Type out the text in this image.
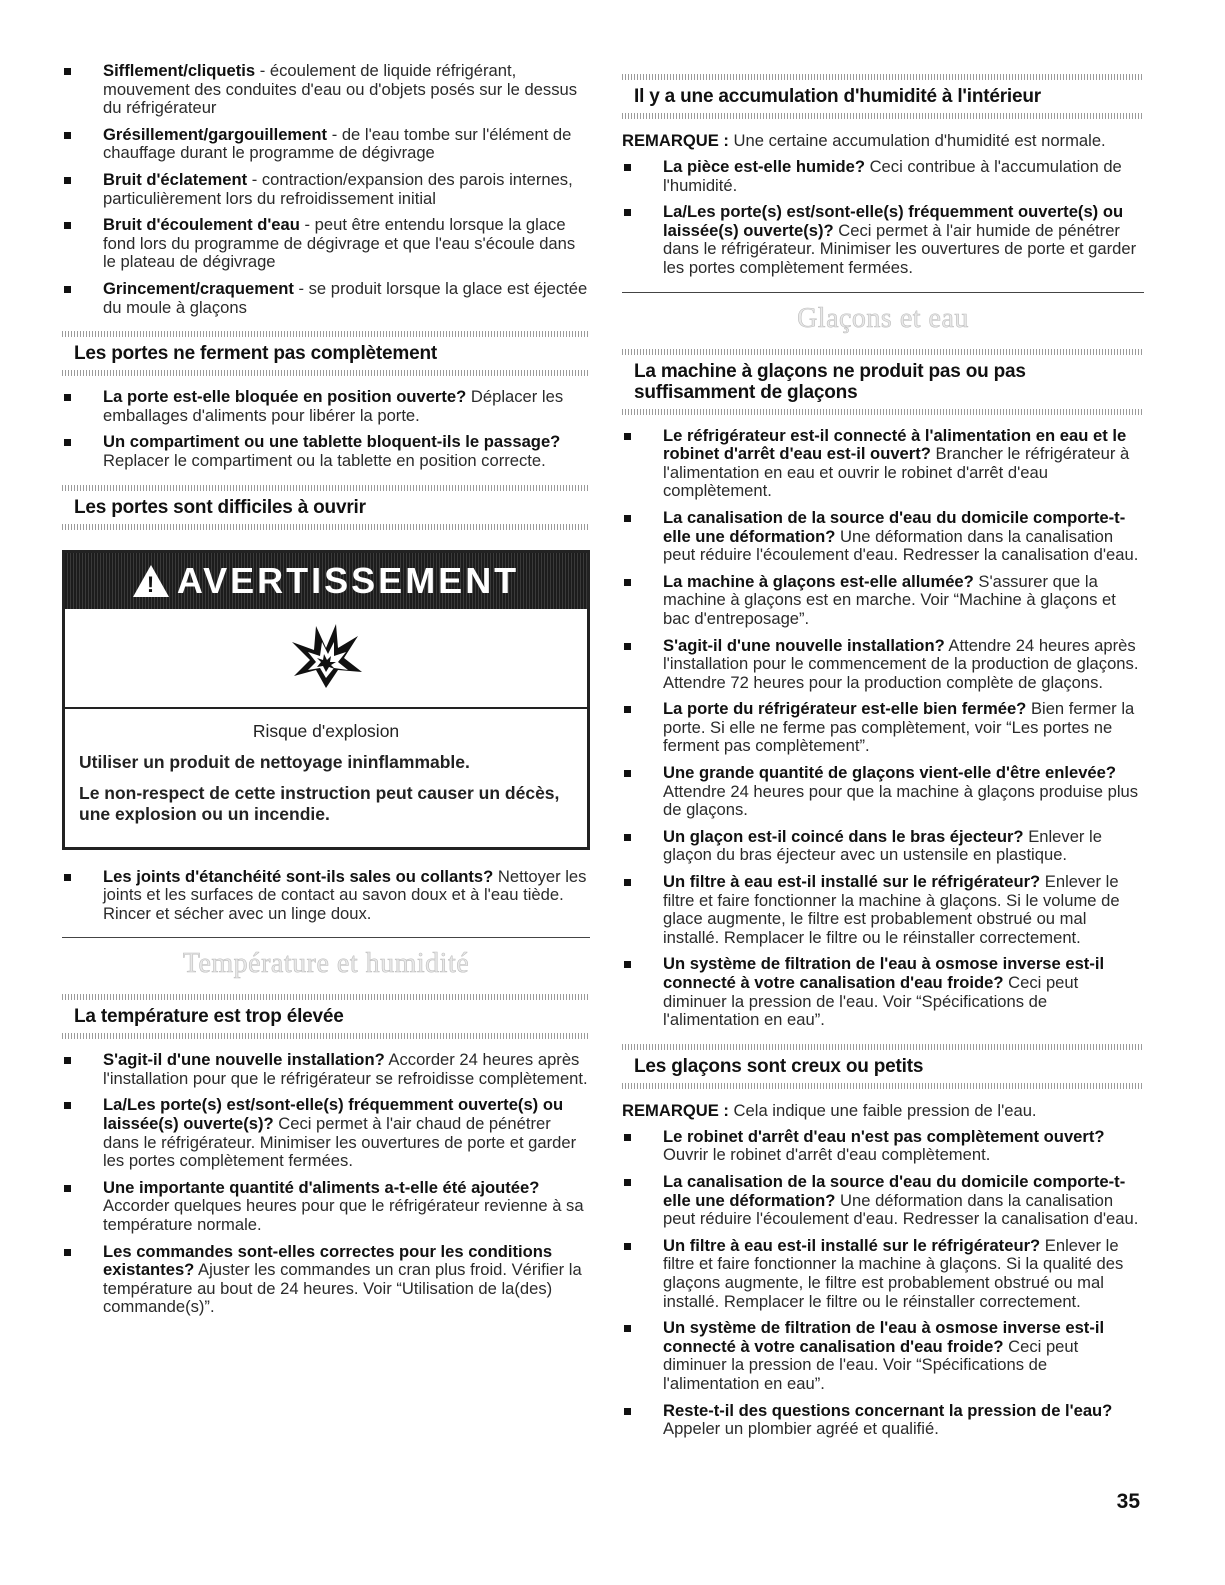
Sifflement/cliquetis - écoulement de liquide réfrigérant, mouvement des conduites d'eau ou d'objets posés sur le dessus du réfrigérateur
Grésillement/gargouillement - de l'eau tombe sur l'élément de chauffage durant le programme de dégivrage
Bruit d'éclatement - contraction/expansion des parois internes, particulièrement lors du refroidissement initial
Bruit d'écoulement d'eau - peut être entendu lorsque la glace fond lors du programme de dégivrage et que l'eau s'écoule dans le plateau de dégivrage
Grincement/craquement - se produit lorsque la glace est éjectée du moule à glaçons
Les portes ne ferment pas complètement
La porte est-elle bloquée en position ouverte? Déplacer les emballages d'aliments pour libérer la porte.
Un compartiment ou une tablette bloquent-ils le passage? Replacer le compartiment ou la tablette en position correcte.
Les portes sont difficiles à ouvrir
! AVERTISSEMENT
Risque d'explosion
Utiliser un produit de nettoyage ininflammable.
Le non-respect de cette instruction peut causer un décès, une explosion ou un incendie.
Les joints d'étanchéité sont-ils sales ou collants? Nettoyer les joints et les surfaces de contact au savon doux et à l'eau tiède. Rincer et sécher avec un linge doux.
Température et humidité
La température est trop élevée
S'agit-il d'une nouvelle installation? Accorder 24 heures après l'installation pour que le réfrigérateur se refroidisse complètement.
La/Les porte(s) est/sont-elle(s) fréquemment ouverte(s) ou laissée(s) ouverte(s)? Ceci permet à l'air chaud de pénétrer dans le réfrigérateur. Minimiser les ouvertures de porte et garder les portes complètement fermées.
Une importante quantité d'aliments a-t-elle été ajoutée? Accorder quelques heures pour que le réfrigérateur revienne à sa température normale.
Les commandes sont-elles correctes pour les conditions existantes? Ajuster les commandes un cran plus froid. Vérifier la température au bout de 24 heures. Voir “Utilisation de la(des) commande(s)”.
Il y a une accumulation d'humidité à l'intérieur

REMARQUE : Une certaine accumulation d'humidité est normale.

La pièce est-elle humide? Ceci contribue à l'accumulation de l'humidité.
La/Les porte(s) est/sont-elle(s) fréquemment ouverte(s) ou laissée(s) ouverte(s)? Ceci permet à l'air humide de pénétrer dans le réfrigérateur. Minimiser les ouvertures de porte et garder les portes complètement fermées.
Glaçons et eau
La machine à glaçons ne produit pas ou pas suffisamment de glaçons
Le réfrigérateur est-il connecté à l'alimentation en eau et le robinet d'arrêt d'eau est-il ouvert? Brancher le réfrigérateur à l'alimentation en eau et ouvrir le robinet d'arrêt d'eau complètement.
La canalisation de la source d'eau du domicile comporte-t-elle une déformation? Une déformation dans la canalisation peut réduire l'écoulement d'eau. Redresser la canalisation d'eau.
La machine à glaçons est-elle allumée? S'assurer que la machine à glaçons est en marche. Voir “Machine à glaçons et bac d'entreposage”.
S'agit-il d'une nouvelle installation? Attendre 24 heures après l'installation pour le commencement de la production de glaçons. Attendre 72 heures pour la production complète de glaçons.
La porte du réfrigérateur est-elle bien fermée? Bien fermer la porte. Si elle ne ferme pas complètement, voir “Les portes ne ferment pas complètement”.
Une grande quantité de glaçons vient-elle d'être enlevée? Attendre 24 heures pour que la machine à glaçons produise plus de glaçons.
Un glaçon est-il coincé dans le bras éjecteur? Enlever le glaçon du bras éjecteur avec un ustensile en plastique.
Un filtre à eau est-il installé sur le réfrigérateur? Enlever le filtre et faire fonctionner la machine à glaçons. Si le volume de glace augmente, le filtre est probablement obstrué ou mal installé. Remplacer le filtre ou le réinstaller correctement.
Un système de filtration de l'eau à osmose inverse est-il connecté à votre canalisation d'eau froide? Ceci peut diminuer la pression de l'eau. Voir “Spécifications de l'alimentation en eau”.
Les glaçons sont creux ou petits

REMARQUE : Cela indique une faible pression de l'eau.

Le robinet d'arrêt d'eau n'est pas complètement ouvert? Ouvrir le robinet d'arrêt d'eau complètement.
La canalisation de la source d'eau du domicile comporte-t-elle une déformation? Une déformation dans la canalisation peut réduire l'écoulement d'eau. Redresser la canalisation d'eau.
Un filtre à eau est-il installé sur le réfrigérateur? Enlever le filtre et faire fonctionner la machine à glaçons. Si la qualité des glaçons augmente, le filtre est probablement obstrué ou mal installé. Remplacer le filtre ou le réinstaller correctement.
Un système de filtration de l'eau à osmose inverse est-il connecté à votre canalisation d'eau froide? Ceci peut diminuer la pression de l'eau. Voir “Spécifications de l'alimentation en eau”.
Reste-t-il des questions concernant la pression de l'eau? Appeler un plombier agréé et qualifié.
35
